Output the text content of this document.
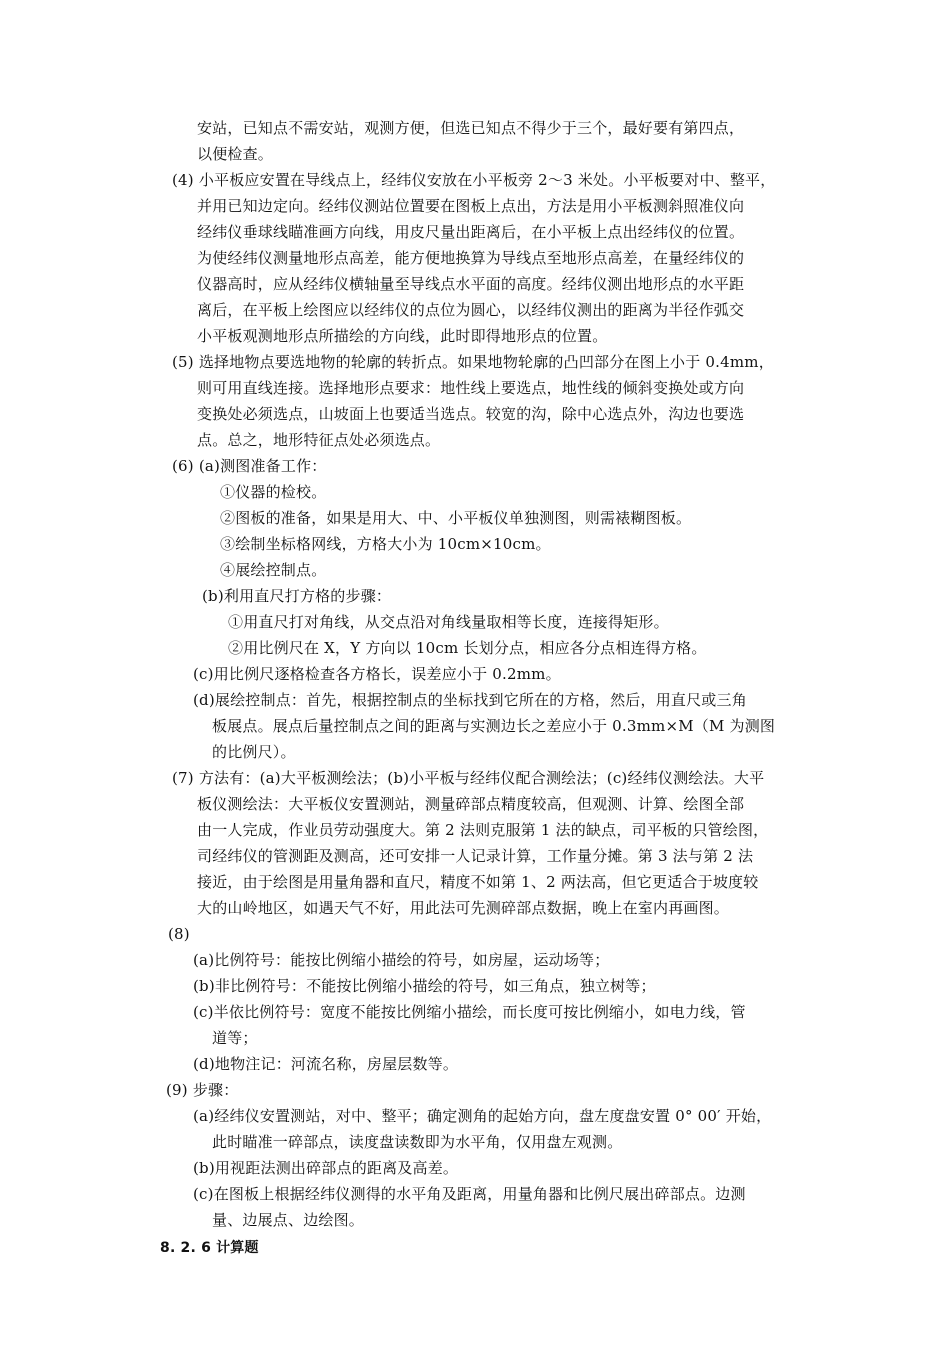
安站，已知点不需安站，观测方便，但选已知点不得少于三个，最好要有第四点，
以便检查。
(4) 小平板应安置在导线点上，经纬仪安放在小平板旁 2～3 米处。小平板要对中、整平，
并用已知边定向。经纬仪测站位置要在图板上点出，方法是用小平板测斜照准仪向
经纬仪垂球线瞄准画方向线，用皮尺量出距离后，在小平板上点出经纬仪的位置。
为使经纬仪测量地形点高差，能方便地换算为导线点至地形点高差，在量经纬仪的
仪器高时，应从经纬仪横轴量至导线点水平面的高度。经纬仪测出地形点的水平距
离后，在平板上绘图应以经纬仪的点位为圆心，以经纬仪测出的距离为半径作弧交
小平板观测地形点所描绘的方向线，此时即得地形点的位置。
(5) 选择地物点要选地物的轮廓的转折点。如果地物轮廓的凸凹部分在图上小于 0.4mm，
则可用直线连接。选择地形点要求：地性线上要选点，地性线的倾斜变换处或方向
变换处必须选点，山坡面上也要适当选点。较宽的沟，除中心选点外，沟边也要选
点。总之，地形特征点处必须选点。
(6) (a)测图准备工作：
①仪器的检校。
②图板的准备，如果是用大、中、小平板仪单独测图，则需裱糊图板。
③绘制坐标格网线，方格大小为 10cm×10cm。
④展绘控制点。
(b)利用直尺打方格的步骤：
①用直尺打对角线，从交点沿对角线量取相等长度，连接得矩形。
②用比例尺在 X，Y 方向以 10cm 长划分点，相应各分点相连得方格。
(c)用比例尺逐格检查各方格长，误差应小于 0.2mm。
(d)展绘控制点：首先，根据控制点的坐标找到它所在的方格，然后，用直尺或三角
板展点。展点后量控制点之间的距离与实测边长之差应小于 0.3mm×M（M 为测图
的比例尺）。
(7) 方法有：(a)大平板测绘法；(b)小平板与经纬仪配合测绘法；(c)经纬仪测绘法。大平
板仪测绘法：大平板仪安置测站，测量碎部点精度较高，但观测、计算、绘图全部
由一人完成，作业员劳动强度大。第 2 法则克服第 1 法的缺点，司平板的只管绘图，
司经纬仪的管测距及测高，还可安排一人记录计算，工作量分摊。第 3 法与第 2 法
接近，由于绘图是用量角器和直尺，精度不如第 1、2 两法高，但它更适合于坡度较
大的山岭地区，如遇天气不好，用此法可先测碎部点数据，晚上在室内再画图。
(8)
(a)比例符号：能按比例缩小描绘的符号，如房屋，运动场等；
(b)非比例符号：不能按比例缩小描绘的符号，如三角点，独立树等；
(c)半依比例符号：宽度不能按比例缩小描绘，而长度可按比例缩小，如电力线，管
道等；
(d)地物注记：河流名称，房屋层数等。
(9) 步骤：
(a)经纬仪安置测站，对中、整平；确定测角的起始方向，盘左度盘安置 0° 00′ 开始，
此时瞄准一碎部点，读度盘读数即为水平角，仅用盘左观测。
(b)用视距法测出碎部点的距离及高差。
(c)在图板上根据经纬仪测得的水平角及距离，用量角器和比例尺展出碎部点。边测
量、边展点、边绘图。
8. 2. 6 计算题
